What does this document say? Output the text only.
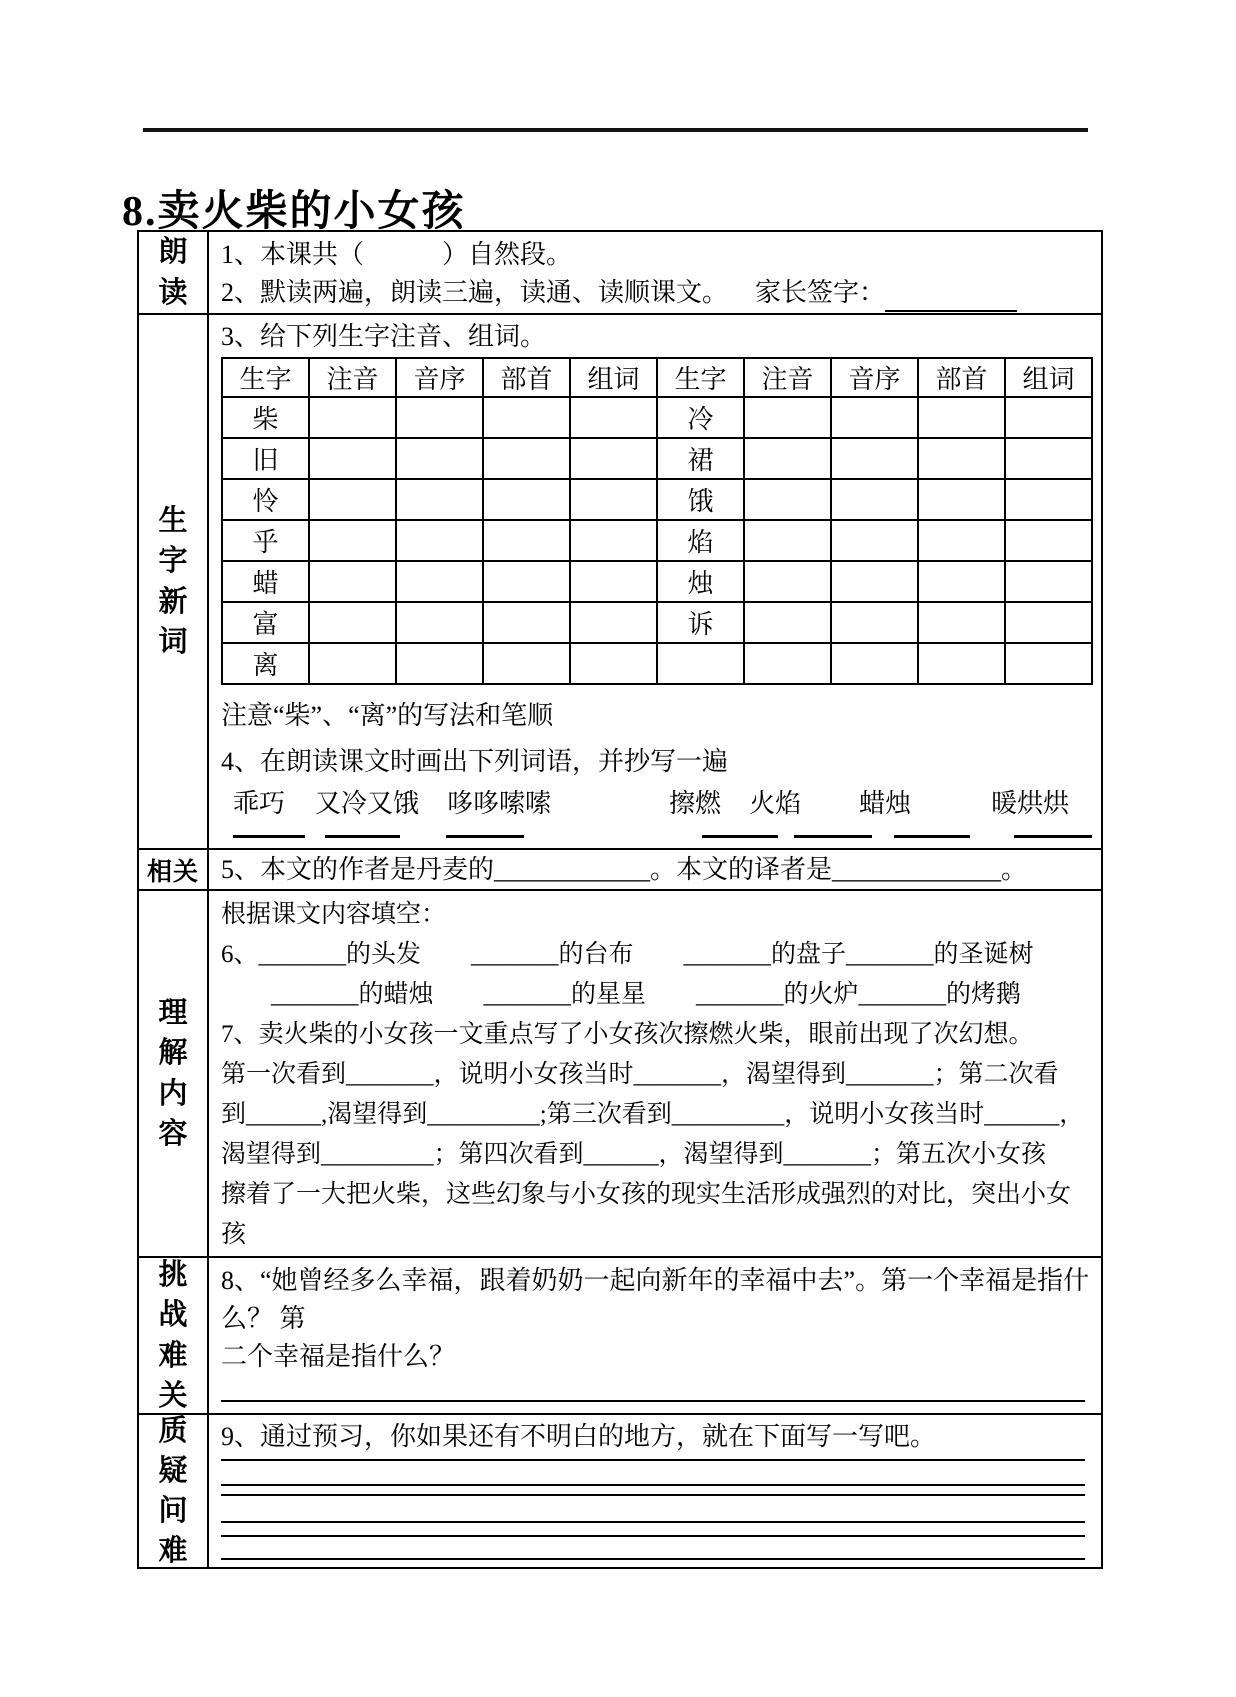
8.卖火柴的小女孩
朗
读
1、本课共（　　　）自然段。
2、默读两遍，朗读三遍，读通、读顺课文。 家长签字：
生
字
新
词
3、给下列生字注音、组词。
生字	注音	音序	部首	组词	生字	注音	音序	部首	组词
柴					冷				
旧					裙				
怜					饿				
乎					焰				
蜡					烛				
富					诉				
离									
注意“柴”、“离”的写法和笔顺
4、在朗读课文时画出下列词语，并抄写一遍
乖巧 又冷又饿 哆哆嗦嗦	擦燃 火焰 蜡烛	暖烘烘
相关 5、本文的作者是丹麦的____________。本文的译者是_____________。
理
解
内
容
根据课文内容填空：
6、_______的头发　　_______的台布　　_______的盘子_______的圣诞树
　　_______的蜡烛　　_______的星星　　_______的火炉_______的烤鹅
7、卖火柴的小女孩一文重点写了小女孩次擦燃火柴，眼前出现了次幻想。
第一次看到_______，说明小女孩当时_______，渴望得到_______；第二次看
到______,渴望得到_________;第三次看到_________，说明小女孩当时______，
渴望得到_________；第四次看到______，渴望得到_______；第五次小女孩
擦着了一大把火柴，这些幻象与小女孩的现实生活形成强烈的对比，突出小女孩
挑
战
难
关
8、“她曾经多么幸福，跟着奶奶一起向新年的幸福中去”。第一个幸福是指什么？ 第
二个幸福是指什么？
质
疑
问
难
9、通过预习，你如果还有不明白的地方，就在下面写一写吧。
